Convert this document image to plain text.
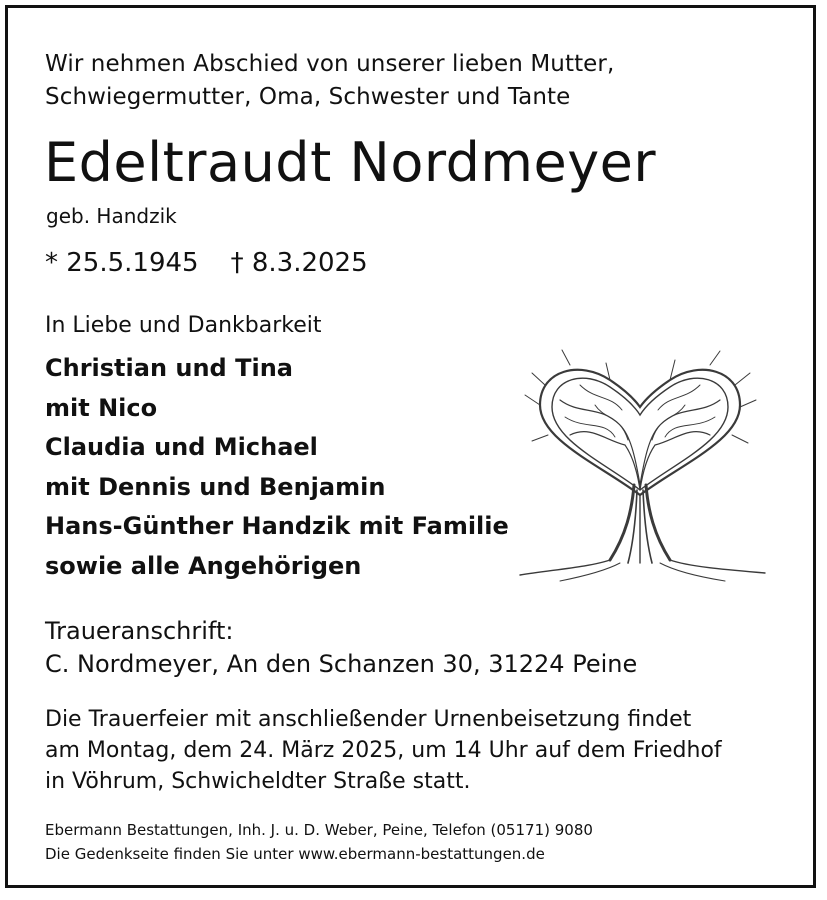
Wir nehmen Abschied von unserer lieben Mutter,
Schwiegermutter, Oma, Schwester und Tante
Edeltraudt Nordmeyer
geb. Handzik
* 25.5.1945 † 8.3.2025
In Liebe und Dankbarkeit
Christian und Tina
mit Nico
Claudia und Michael
mit Dennis und Benjamin
Hans-Günther Handzik mit Familie
sowie alle Angehörigen
Traueranschrift:
C. Nordmeyer, An den Schanzen 30, 31224 Peine
Die Trauerfeier mit anschließender Urnenbeisetzung findet
am Montag, dem 24. März 2025, um 14 Uhr auf dem Friedhof
in Vöhrum, Schwicheldter Straße statt.
Ebermann Bestattungen, Inh. J. u. D. Weber, Peine, Telefon (05171) 9080
Die Gedenkseite finden Sie unter www.ebermann-bestattungen.de
